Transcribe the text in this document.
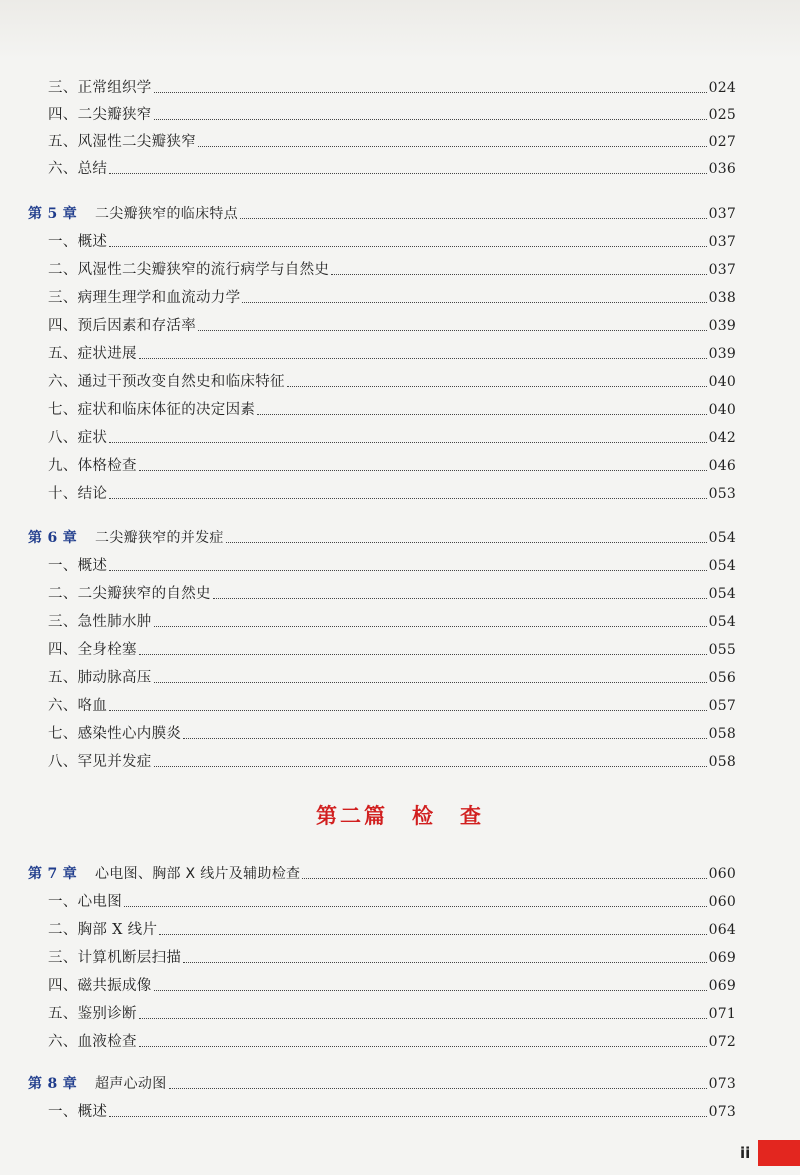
三、正常组织学	024
四、二尖瓣狭窄	025
五、风湿性二尖瓣狭窄	027
六、总结	036
第 5 章 二尖瓣狭窄的临床特点	037
一、概述	037
二、风湿性二尖瓣狭窄的流行病学与自然史	037
三、病理生理学和血流动力学	038
四、预后因素和存活率	039
五、症状进展	039
六、通过干预改变自然史和临床特征	040
七、症状和临床体征的决定因素	040
八、症状	042
九、体格检查	046
十、结论	053
第 6 章 二尖瓣狭窄的并发症	054
一、概述	054
二、二尖瓣狭窄的自然史	054
三、急性肺水肿	054
四、全身栓塞	055
五、肺动脉高压	056
六、咯血	057
七、感染性心内膜炎	058
八、罕见并发症	058
第 7 章 心电图、胸部 X 线片及辅助检查	060
一、心电图	060
二、胸部 X 线片	064
三、计算机断层扫描	069
四、磁共振成像	069
五、鉴别诊断	071
六、血液检查	072
第 8 章 超声心动图	073
一、概述	073
第二篇　检　查
ii
